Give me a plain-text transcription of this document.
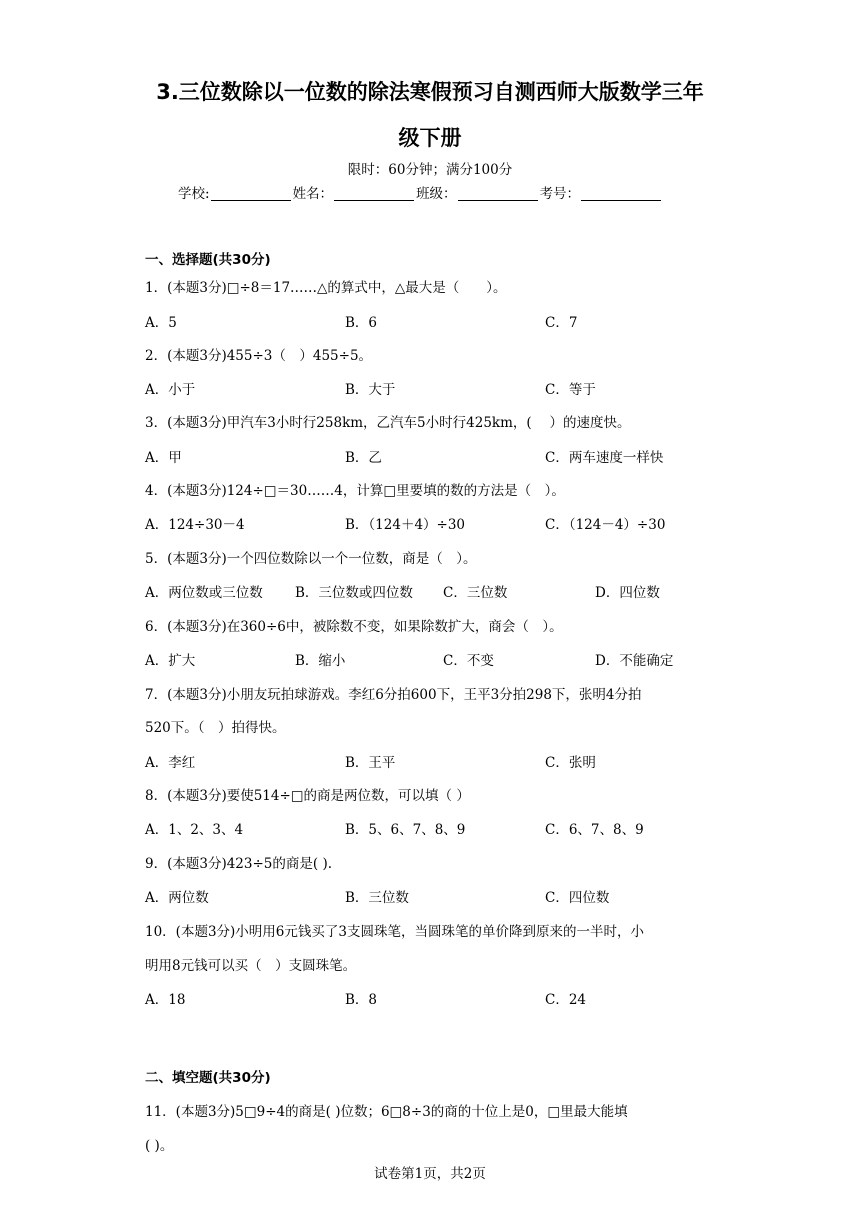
3.三位数除以一位数的除法寒假预习自测西师大版数学三年
级下册
限时：60分钟；满分100分
学校:	姓名：	班级：	考号：
一、选择题(共30分)
1．(本题3分)□÷8＝17……△的算式中，△最大是（　　）。
A．5	B．6	C．7
2．(本题3分)455÷3（　）455÷5。
A．小于	B．大于	C．等于
3．(本题3分)甲汽车3小时行258km，乙汽车5小时行425km，(　 ）的速度快。
A．甲	B．乙	C．两车速度一样快
4．(本题3分)124÷□＝30……4，计算□里要填的数的方法是（　）。
A．124÷30－4	B．（124＋4）÷30	C．（124－4）÷30
5．(本题3分)一个四位数除以一个一位数，商是（　）。
A．两位数或三位数 B．三位数或四位数 C．三位数	D．四位数
6．(本题3分)在360÷6中，被除数不变，如果除数扩大，商会（　）。
A．扩大	B．缩小	C．不变	D．不能确定
7．(本题3分)小朋友玩拍球游戏。李红6分拍600下，王平3分拍298下，张明4分拍
520下。（　）拍得快。
A．李红	B．王平	C．张明
8．(本题3分)要使514÷□的商是两位数，可以填（ ）
A．1、2、3、4	B．5、6、7、8、9	C．6、7、8、9
9．(本题3分)423÷5的商是( ).
A．两位数	B．三位数	C．四位数
10．(本题3分)小明用6元钱买了3支圆珠笔，当圆珠笔的单价降到原来的一半时，小
明用8元钱可以买（　）支圆珠笔。
A．18	B．8	C．24
二、填空题(共30分)
11．(本题3分)5□9÷4的商是( )位数；6□8÷3的商的十位上是0，□里最大能填
( )。
试卷第1页，共2页
